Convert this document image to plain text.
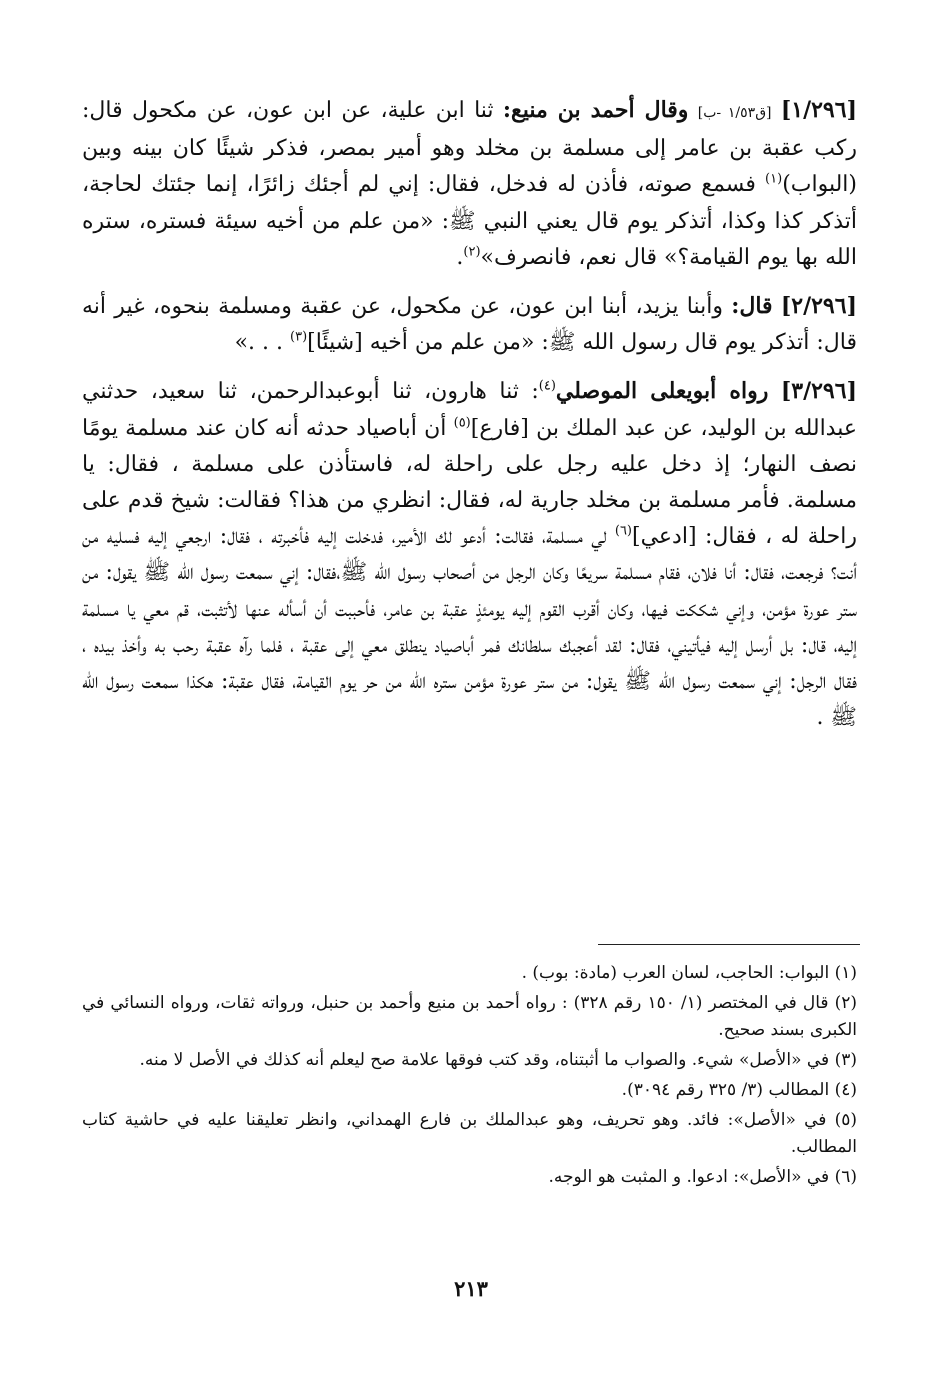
[١/٢٩٦] [ق١/٥٣ -ب] وقال أحمد بن منيع: ثنا ابن علية، عن ابن عون، عن مكحول قال: ركب عقبة بن عامر إلى مسلمة بن مخلد وهو أمير بمصر، فذكر شيئًا كان بينه وبين (البواب)$^{(١)}$ فسمع صوته، فأذن له فدخل، فقال: إني لم أجئك زائرًا، إنما جئتك لحاجة، أتذكر كذا وكذا، أتذكر يوم قال يعني النبي ﷺ: «من علم من أخيه سيئة فستره، ستره الله بها يوم القيامة؟» قال نعم، فانصرف»$^{(٢)}$.

[٢/٢٩٦] قال: وأبنا يزيد، أبنا ابن عون، عن مكحول، عن عقبة ومسلمة بنحوه، غير أنه قال: أتذكر يوم قال رسول الله ﷺ: «من علم من أخيه [شيئًا]$^{(٣)}$ . . .»

[٣/٢٩٦] رواه أبويعلى الموصلي$^{(٤)}$: ثنا هارون، ثنا أبوعبدالرحمن، ثنا سعيد، حدثني عبدالله بن الوليد، عن عبد الملك بن [فارع]$^{(٥)}$ أن أباصياد حدثه أنه كان عند مسلمة يومًا نصف النهار؛ إذ دخل عليه رجل على راحلة له، فاستأذن على مسلمة ، فقال: يا مسلمة. فأمر مسلمة بن مخلد جارية له، فقال: انظري من هذا؟ فقالت: شيخ قدم على راحلة له ، فقال: [ادعي]$^{(٦)}$ لي مسلمة، فقالت: أدعو لك الأمير، فدخلت إليه فأخبرته ، فقال: ارجعي إليه فسليه من أنت؟ فرجعت، فقال: أنا فلان، فقام مسلمة سريعًا وكان الرجل من أصحاب رسول الله ﷺ،فقال: إني سمعت رسول الله ﷺ يقول: من ستر عورة مؤمن، وإني شككت فيها، وكان أقرب القوم إليه يومئذٍ عقبة بن عامر، فأحببت أن أسأله عنها لأتثبت، قم معي يا مسلمة إليه، قال: بل أرسل إليه فيأتيني، فقال: لقد أعجبك سلطانك فمر أباصياد ينطلق معي إلى عقبة ، فلما رآه عقبة رحب به وأخذ بيده ، فقال الرجل: إني سمعت رسول الله ﷺ يقول: من ستر عورة مؤمن ستره الله من حر يوم القيامة، فقال عقبة: هكذا سمعت رسول الله ﷺ .

(١) البواب: الحاجب، لسان العرب (مادة: بوب) .

(٢) قال في المختصر (١/ ١٥٠ رقم ٣٢٨) : رواه أحمد بن منيع وأحمد بن حنبل، ورواته ثقات، ورواه النسائي في الكبرى بسند صحيح.

(٣) في «الأصل» شيء. والصواب ما أثبتناه، وقد كتب فوقها علامة صح ليعلم أنه كذلك في الأصل لا منه.

(٤) المطالب (٣/ ٣٢٥ رقم ٣٠٩٤).

(٥) في «الأصل»: فائد. وهو تحريف، وهو عبدالملك بن فارع الهمداني، وانظر تعليقنا عليه في حاشية كتاب المطالب.

(٦) في «الأصل»: ادعوا. و المثبت هو الوجه.

٢١٣
